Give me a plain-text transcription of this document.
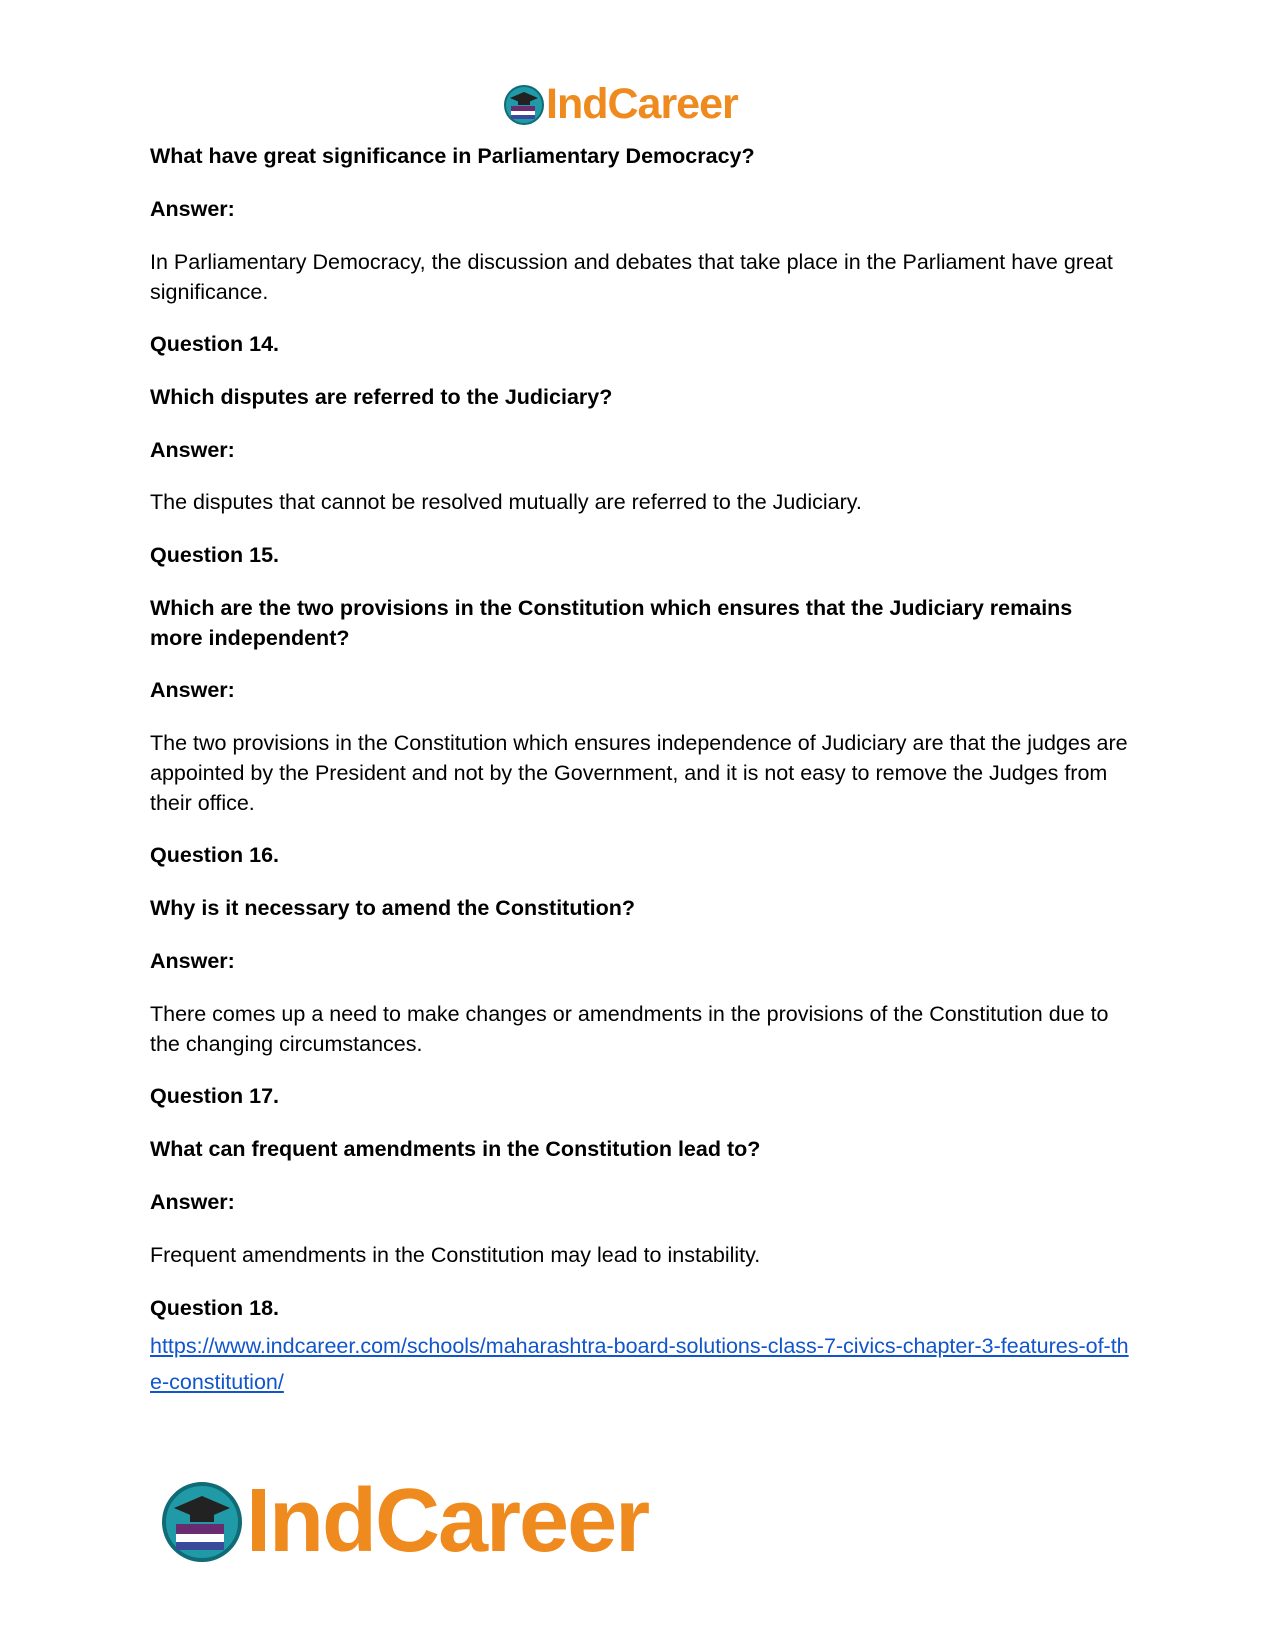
IndCareer
What have great significance in Parliamentary Democracy?
Answer:
In Parliamentary Democracy, the discussion and debates that take place in the Parliament have great significance.
Question 14.
Which disputes are referred to the Judiciary?
Answer:
The disputes that cannot be resolved mutually are referred to the Judiciary.
Question 15.
Which are the two provisions in the Constitution which ensures that the Judiciary remains more independent?
Answer:
The two provisions in the Constitution which ensures independence of Judiciary are that the judges are appointed by the President and not by the Government, and it is not easy to remove the Judges from their office.
Question 16.
Why is it necessary to amend the Constitution?
Answer:
There comes up a need to make changes or amendments in the provisions of the Constitution due to the changing circumstances.
Question 17.
What can frequent amendments in the Constitution lead to?
Answer:
Frequent amendments in the Constitution may lead to instability.
Question 18.
https://www.indcareer.com/schools/maharashtra-board-solutions-class-7-civics-chapter-3-features-of-the-constitution/
IndCareer
